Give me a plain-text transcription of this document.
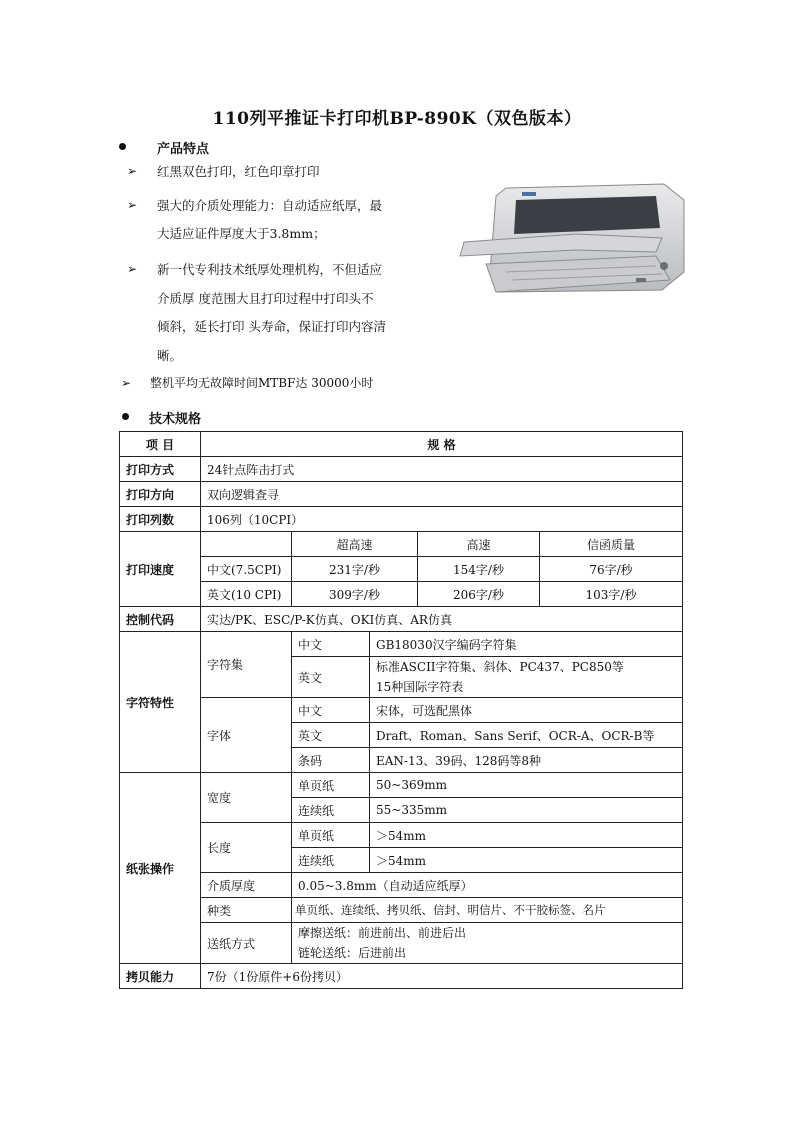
110列平推证卡打印机BP-890K（双色版本）
产品特点
➢ 红黑双色打印，红色印章打印
➢ 强大的介质处理能力：自动适应纸厚，最
大适应证件厚度大于3.8mm；
➢ 新一代专利技术纸厚处理机构，不但适应
介质厚 度范围大且打印过程中打印头不
倾斜，延长打印 头寿命，保证打印内容清
晰。
➢ 整机平均无故障时间MTBF达 30000小时
技术规格
项 目	规 格				
打印方式	24针点阵击打式				
打印方向	双向逻辑查寻				
打印列数	106列（10CPI）				
打印速度		超高速		高速	信函质量
	中文(7.5CPI)	231字/秒		154字/秒	76字/秒
	英文(10 CPI)	309字/秒		206字/秒	103字/秒
控制代码	实达/PK、ESC/P-K仿真、OKI仿真、AR仿真				
字符特性	字符集	中文	GB18030汉字编码字符集		
		英文	标准ASCII字符集、斜体、PC437、PC850等
15种国际字符表		

	字体	中文	宋体，可选配黑体		
		英文	Draft、Roman、Sans Serif、OCR-A、OCR-B等		
		条码	EAN-13、39码、128码等8种		
纸张操作	宽度	单页纸	50~369mm		
		连续纸	55~335mm		
	长度	单页纸	＞54mm		
		连续纸	＞54mm		
	介质厚度	0.05~3.8mm（自动适应纸厚）			
	种类	单页纸、连续纸、拷贝纸、信封、明信片、不干胶标签、名片			
	送纸方式	摩擦送纸：前进前出、前进后出
链轮送纸：后进前出			

拷贝能力	7份（1份原件+6份拷贝）				
